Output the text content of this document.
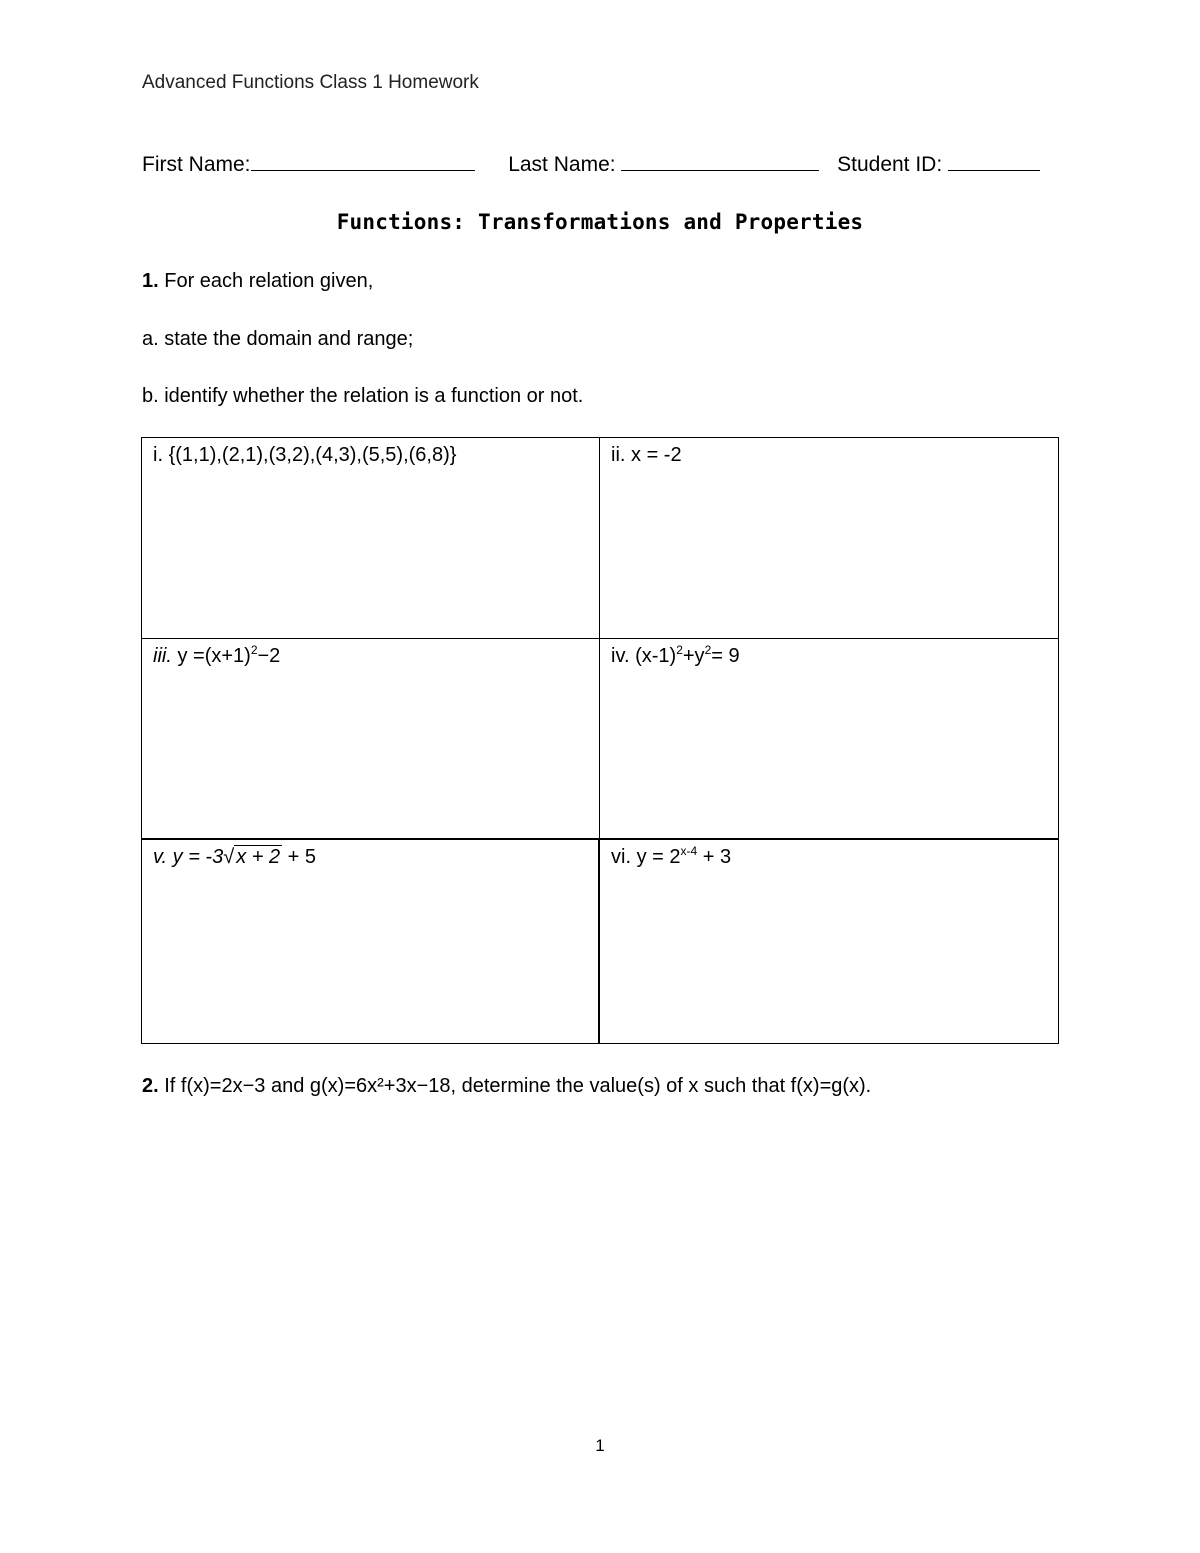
Advanced Functions Class 1 Homework
First Name:	Last Name:	Student ID:
Functions: Transformations and Properties
1. For each relation given,
a. state the domain and range;
b. identify whether the relation is a function or not.
i. {(1,1),(2,1),(3,2),(4,3),(5,5),(6,8)}	ii. x = -2
iii. $y =(x+1)^2-2$	iv. $(x-1)^2+y^2= 9$
v. y = -3√ x + 2 + 5	vi. $y = 2^{x-4} + 3$
2. If f(x)=2x−3 and g(x)=6x²+3x−18, determine the value(s) of x such that f(x)=g(x).
1
